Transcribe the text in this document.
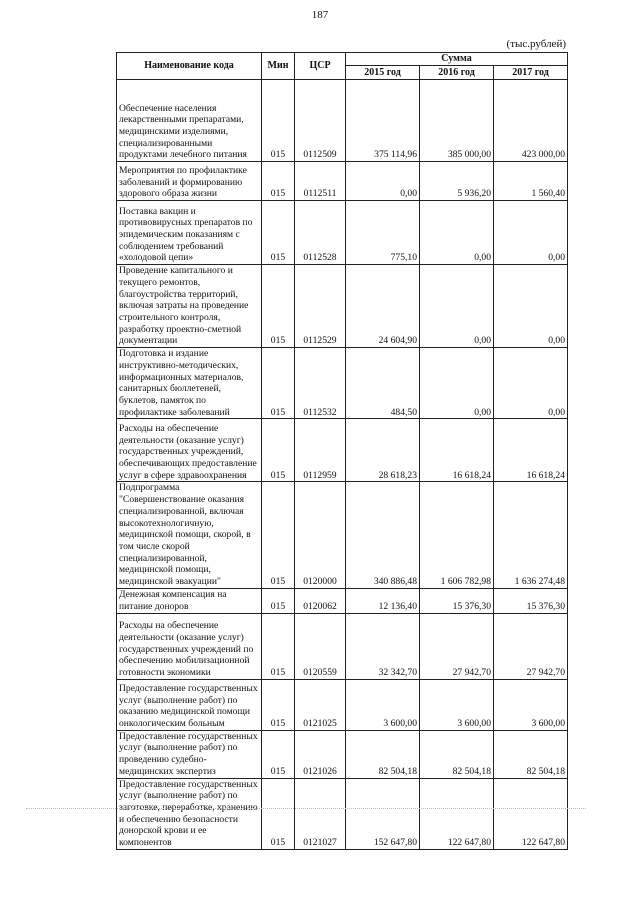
187
(тыс.рублей)
Наименование кода	Мин	ЦСР	Сумма		
			2015 год	2016 год	2017 год
Обеспечение населения лекарственными препаратами, медицинскими изделиями, специализированными продуктами лечебного питания	015	0112509	375 114,96	385 000,00	423 000,00
Мероприятия по профилактике заболеваний и формированию здорового образа жизни	015	0112511	0,00	5 936,20	1 560,40
Поставка вакцин и противовирусных препаратов по эпидемическим показаниям с соблюдением требований «холодовой цепи»	015	0112528	775,10	0,00	0,00
Проведение капитального и текущего ремонтов, благоустройства территорий, включая затраты на проведение строительного контроля, разработку проектно-сметной документации	015	0112529	24 604,90	0,00	0,00
Подготовка и издание инструктивно-методических, информационных материалов, санитарных бюллетеней, буклетов, памяток по профилактике заболеваний	015	0112532	484,50	0,00	0,00
Расходы на обеспечение деятельности (оказание услуг) государственных учреждений, обеспечивающих предоставление услуг в сфере здравоохранения	015	0112959	28 618,23	16 618,24	16 618,24
Подпрограмма "Совершенствование оказания специализированной, включая высокотехнологичную, медицинской помощи, скорой, в том числе скорой специализированной, медицинской помощи, медицинской эвакуации"	015	0120000	340 886,48	1 606 782,98	1 636 274,48
Денежная компенсация на питание доноров	015	0120062	12 136,40	15 376,30	15 376,30
Расходы на обеспечение деятельности (оказание услуг) государственных учреждений по обеспечению мобилизационной готовности экономики	015	0120559	32 342,70	27 942,70	27 942,70
Предоставление государственных услуг (выполнение работ) по оказанию медицинской помощи онкологическим больным	015	0121025	3 600,00	3 600,00	3 600,00
Предоставление государственных услуг (выполнение работ) по проведению судебно-медицинских экспертиз	015	0121026	82 504,18	82 504,18	82 504,18
Предоставление государственных услуг (выполнение работ) по заготовке, переработке, хранению и обеспечению безопасности донорской крови и ее компонентов	015	0121027	152 647,80	122 647,80	122 647,80
